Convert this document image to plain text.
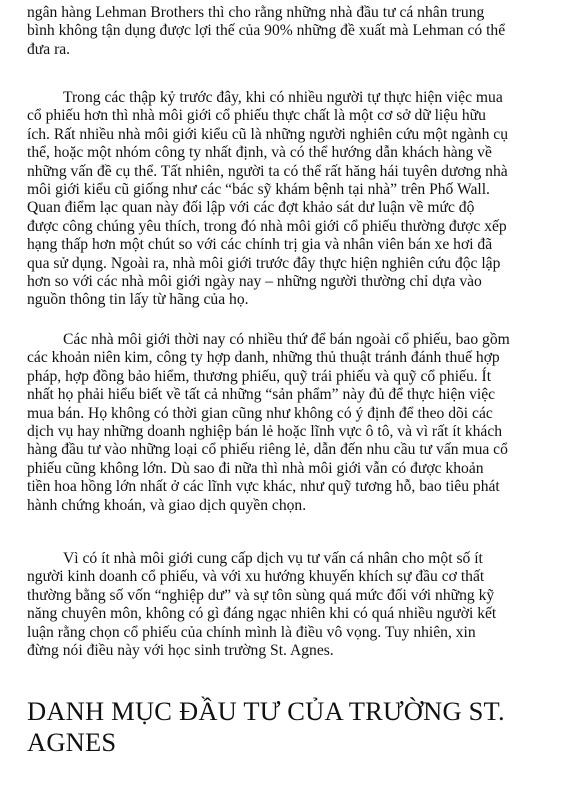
ngân hàng Lehman Brothers thì cho rằng những nhà đầu tư cá nhân trung
bình không tận dụng được lợi thế của 90% những đề xuất mà Lehman có thể
đưa ra.

Trong các thập kỷ trước đây, khi có nhiều người tự thực hiện việc mua
cổ phiếu hơn thì nhà môi giới cổ phiếu thực chất là một cơ sở dữ liệu hữu
ích. Rất nhiều nhà môi giới kiểu cũ là những người nghiên cứu một ngành cụ
thể, hoặc một nhóm công ty nhất định, và có thể hướng dẫn khách hàng về
những vấn đề cụ thể. Tất nhiên, người ta có thể rất hăng hái tuyên dương nhà
môi giới kiểu cũ giống như các “bác sỹ khám bệnh tại nhà” trên Phố Wall.
Quan điểm lạc quan này đối lập với các đợt khảo sát dư luận về mức độ
được công chúng yêu thích, trong đó nhà môi giới cổ phiếu thường được xếp
hạng thấp hơn một chút so với các chính trị gia và nhân viên bán xe hơi đã
qua sử dụng. Ngoài ra, nhà môi giới trước đây thực hiện nghiên cứu độc lập
hơn so với các nhà môi giới ngày nay – những người thường chỉ dựa vào
nguồn thông tin lấy từ hãng của họ.

Các nhà môi giới thời nay có nhiều thứ để bán ngoài cổ phiếu, bao gồm
các khoản niên kim, công ty hợp danh, những thủ thuật tránh đánh thuế hợp
pháp, hợp đồng bảo hiểm, thương phiếu, quỹ trái phiếu và quỹ cổ phiếu. Ít
nhất họ phải hiểu biết về tất cả những “sản phẩm” này đủ để thực hiện việc
mua bán. Họ không có thời gian cũng như không có ý định để theo dõi các
dịch vụ hay những doanh nghiệp bán lẻ hoặc lĩnh vực ô tô, và vì rất ít khách
hàng đầu tư vào những loại cổ phiếu riêng lẻ, dẫn đến nhu cầu tư vấn mua cổ
phiếu cũng không lớn. Dù sao đi nữa thì nhà môi giới vẫn có được khoản
tiền hoa hồng lớn nhất ở các lĩnh vực khác, như quỹ tương hỗ, bao tiêu phát
hành chứng khoán, và giao dịch quyền chọn.

Vì có ít nhà môi giới cung cấp dịch vụ tư vấn cá nhân cho một số ít
người kinh doanh cổ phiếu, và với xu hướng khuyến khích sự đầu cơ thất
thường bằng số vốn “nghiệp dư” và sự tôn sùng quá mức đối với những kỹ
năng chuyên môn, không có gì đáng ngạc nhiên khi có quá nhiều người kết
luận rằng chọn cổ phiếu của chính mình là điều vô vọng. Tuy nhiên, xin
đừng nói điều này với học sinh trường St. Agnes.

DANH MỤC ĐẦU TƯ CỦA TRƯỜNG ST.
AGNES
